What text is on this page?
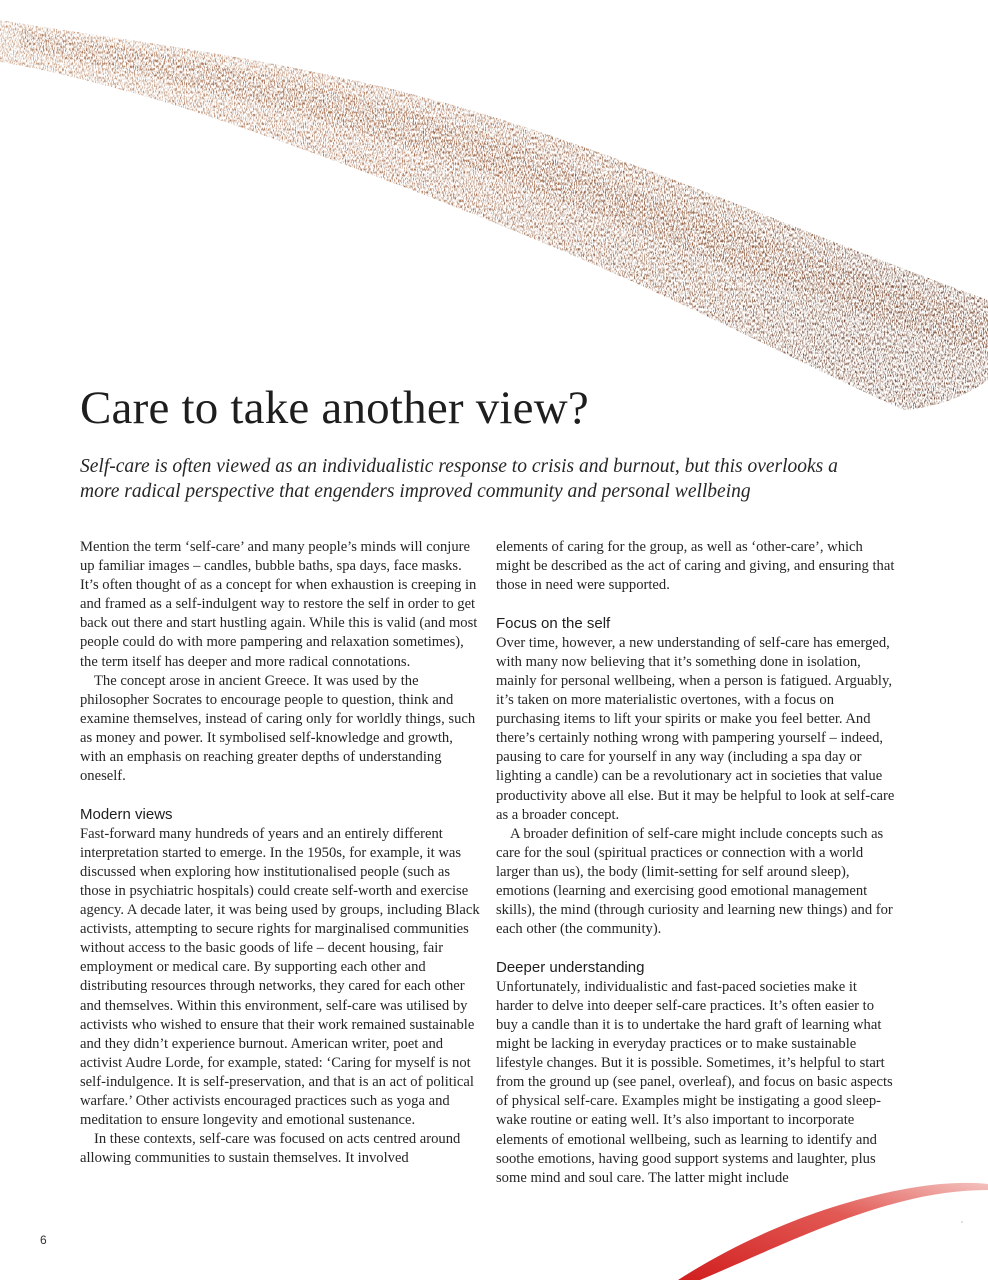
Care to take another view?

Self-care is often viewed as an individualistic response to crisis and burnout, but this overlooks a more radical perspective that engenders improved community and personal wellbeing

Mention the term ‘self-care’ and many people’s minds will conjure up familiar images – candles, bubble baths, spa days, face masks. It’s often thought of as a concept for when exhaustion is creeping in and framed as a self-indulgent way to restore the self in order to get back out there and start hustling again. While this is valid (and most people could do with more pampering and relaxation sometimes), the term itself has deeper and more radical connotations.

The concept arose in ancient Greece. It was used by the philosopher Socrates to encourage people to question, think and examine themselves, instead of caring only for worldly things, such as money and power. It symbolised self-knowledge and growth, with an emphasis on reaching greater depths of understanding oneself.

Modern views

Fast-forward many hundreds of years and an entirely different interpretation started to emerge. In the 1950s, for example, it was discussed when exploring how institutionalised people (such as those in psychiatric hospitals) could create self-worth and exercise agency. A decade later, it was being used by groups, including Black activists, attempting to secure rights for marginalised communities without access to the basic goods of life – decent housing, fair employment or medical care. By supporting each other and distributing resources through networks, they cared for each other and themselves. Within this environment, self-care was utilised by activists who wished to ensure that their work remained sustainable and they didn’t experience burnout. American writer, poet and activist Audre Lorde, for example, stated: ‘Caring for myself is not self-indulgence. It is self-preservation, and that is an act of political warfare.’ Other activists encouraged practices such as yoga and meditation to ensure longevity and emotional sustenance.

In these contexts, self-care was focused on acts centred around allowing communities to sustain themselves. It involved

elements of caring for the group, as well as ‘other-care’, which might be described as the act of caring and giving, and ensuring that those in need were supported.

Focus on the self

Over time, however, a new understanding of self-care has emerged, with many now believing that it’s something done in isolation, mainly for personal wellbeing, when a person is fatigued. Arguably, it’s taken on more materialistic overtones, with a focus on purchasing items to lift your spirits or make you feel better. And there’s certainly nothing wrong with pampering yourself – indeed, pausing to care for yourself in any way (including a spa day or lighting a candle) can be a revolutionary act in societies that value productivity above all else. But it may be helpful to look at self-care as a broader concept.

A broader definition of self-care might include concepts such as care for the soul (spiritual practices or connection with a world larger than us), the body (limit-setting for self around sleep), emotions (learning and exercising good emotional management skills), the mind (through curiosity and learning new things) and for each other (the community).

Deeper understanding

Unfortunately, individualistic and fast-paced societies make it harder to delve into deeper self-care practices. It’s often easier to buy a candle than it is to undertake the hard graft of learning what might be lacking in everyday practices or to make sustainable lifestyle changes. But it is possible. Sometimes, it’s helpful to start from the ground up (see panel, overleaf), and focus on basic aspects of physical self-care. Examples might be instigating a good sleep-wake routine or eating well. It’s also important to incorporate elements of emotional wellbeing, such as learning to identify and soothe emotions, having good support systems and laughter, plus some mind and soul care. The latter might include

6
